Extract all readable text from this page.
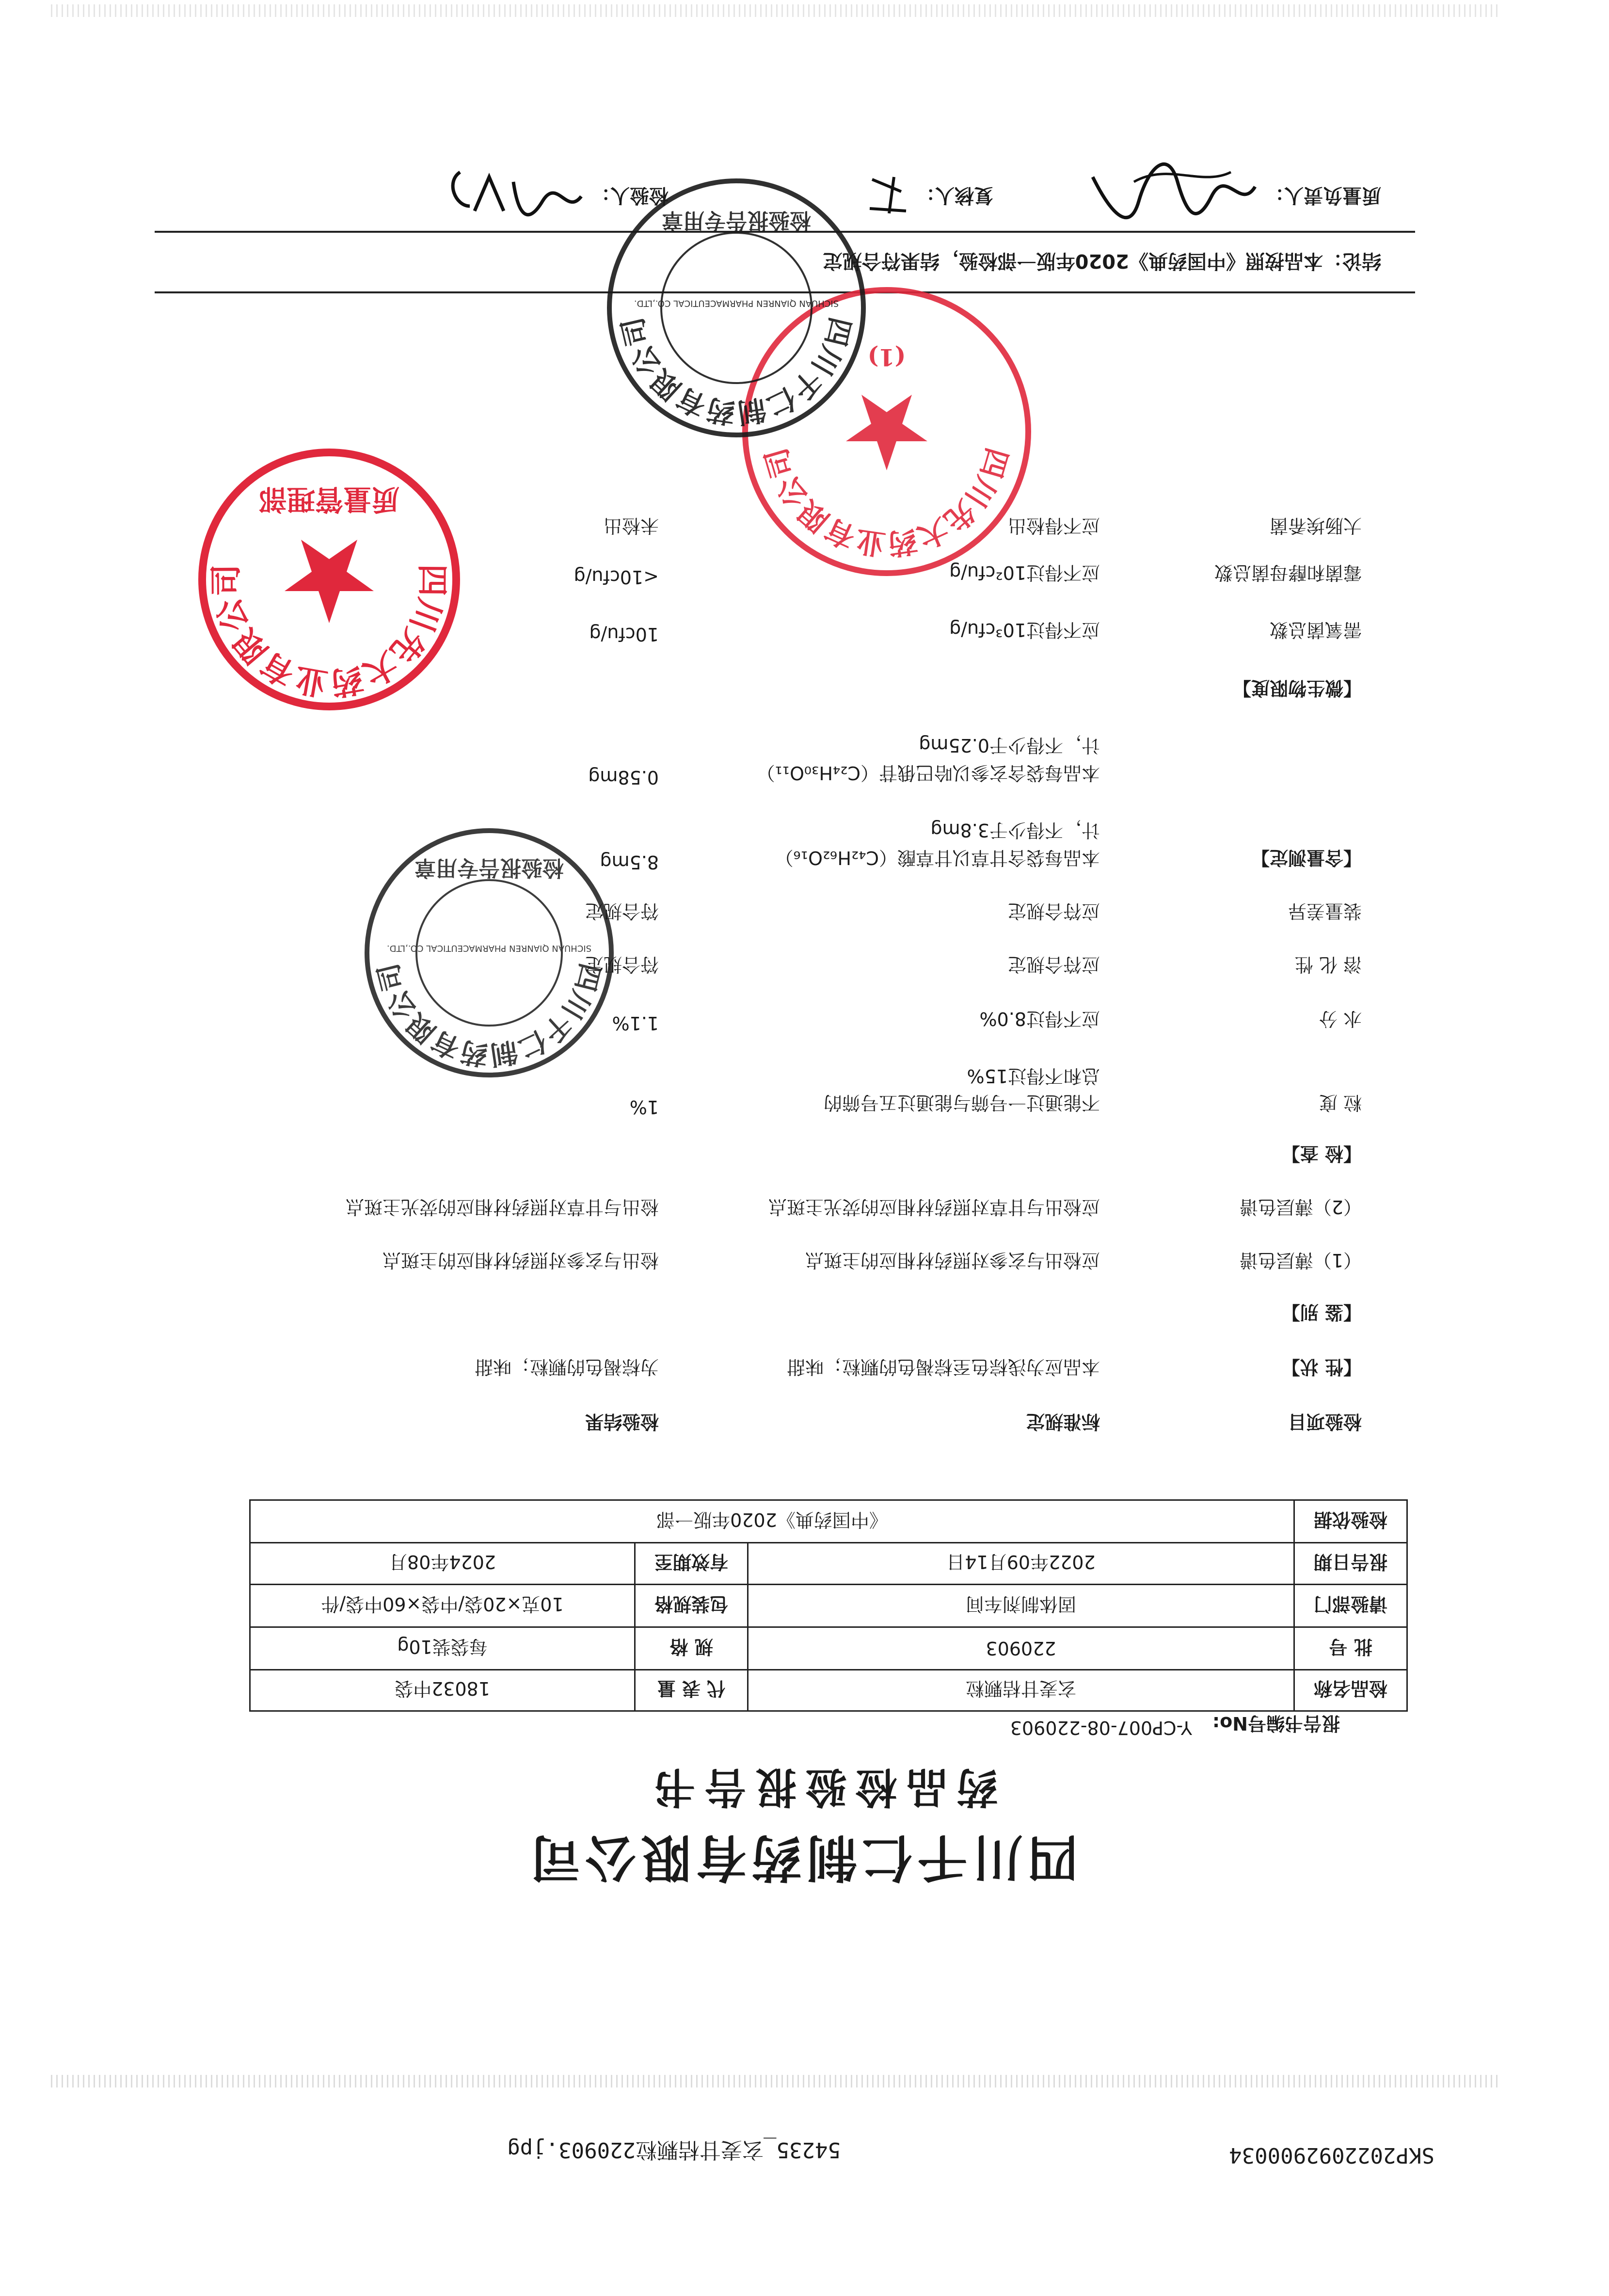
SKP2022092900034
54235_玄麦甘桔颗粒220903.jpg
四川千仁制药有限公司
药品检验报告书
报告书编号No:
Y-CP007-08-220903
检品名称
玄麦甘桔颗粒
代 表 量
18032中袋
批 号
220903
规 格
每袋装10g
请验部门
固体制剂车间
包装规格
10克×20袋/中袋×60中袋/件
报告日期
2022年09月14日
有效期至
2024年08月
检验依据
《中国药典》2020年版一部
检验项目
标准规定
检验结果
【性 状】
本品应为浅棕色至棕褐色的颗粒；味甜
为棕褐色的颗粒；味甜
【鉴 别】
（1）薄层色谱
应检出与玄参对照药材相应的主斑点
检出与玄参对照药材相应的主斑点
（2）薄层色谱
应检出与甘草对照药材相应的荧光主斑点
检出与甘草对照药材相应的荧光主斑点
【检 查】
粒 度
不能通过一号筛与能通过五号筛的
总和不得过15%
1%
水 分
应不得过8.0%
1.1%
溶 化 性
应符合规定
符合规定
装量差异
应符合规定
符合规定
【含量测定】
本品每袋含甘草以甘草酸（C₄₂H₆₂O₁₆）
计，不得少于3.8mg
8.5mg
本品每袋含玄参以哈巴俄苷（C₂₄H₃₀O₁₁）
计，不得少于0.25mg
0.58mg
【微生物限度】
需氧菌总数
应不得过10³cfu/g
10cfu/g
霉菌和酵母菌总数
应不得过10²cfu/g
<10cfu/g
大肠埃希菌
应不得检出
未检出
结论：本品按照《中国药典》2020年版一部检验，结果符合规定
质量负责人：
复核人：
检验人：
四川先大药业有限公司
质量管理部
四川千仁制药有限公司
SICHUAN QIANREN PHARMACEUTICAL CO.,LTD.
检验报告专用章
四川先大药业有限公司
(1)
四川千仁制药有限公司
SICHUAN QIANREN PHARMACEUTICAL CO.,LTD.
检验报告专用章
